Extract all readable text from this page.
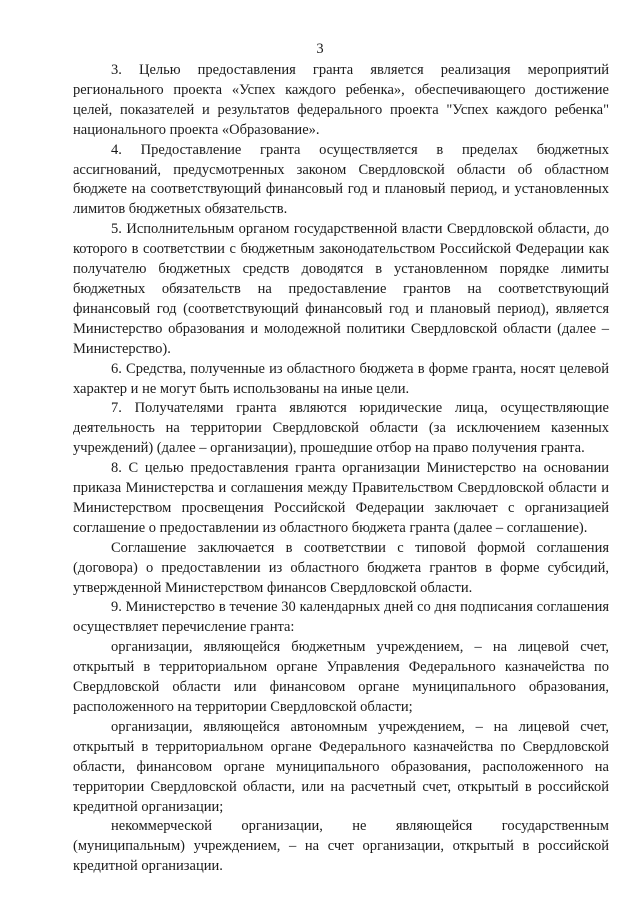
3

3. Целью предоставления гранта является реализация мероприятий регионального проекта «Успех каждого ребенка», обеспечивающего достижение целей, показателей и результатов федерального проекта "Успех каждого ребенка" национального проекта «Образование».

4. Предоставление гранта осуществляется в пределах бюджетных ассигнований, предусмотренных законом Свердловской области об областном бюджете на соответствующий финансовый год и плановый период, и установленных лимитов бюджетных обязательств.

5. Исполнительным органом государственной власти Свердловской области, до которого в соответствии с бюджетным законодательством Российской Федерации как получателю бюджетных средств доводятся в установленном порядке лимиты бюджетных обязательств на предоставление грантов на соответствующий финансовый год (соответствующий финансовый год и плановый период), является Министерство образования и молодежной политики Свердловской области (далее – Министерство).

6. Средства, полученные из областного бюджета в форме гранта, носят целевой характер и не могут быть использованы на иные цели.

7. Получателями гранта являются юридические лица, осуществляющие деятельность на территории Свердловской области (за исключением казенных учреждений) (далее – организации), прошедшие отбор на право получения гранта.

8. С целью предоставления гранта организации Министерство на основании приказа Министерства и соглашения между Правительством Свердловской области и Министерством просвещения Российской Федерации заключает с организацией соглашение о предоставлении из областного бюджета гранта (далее – соглашение).

Соглашение заключается в соответствии с типовой формой соглашения (договора) о предоставлении из областного бюджета грантов в форме субсидий, утвержденной Министерством финансов Свердловской области.

9. Министерство в течение 30 календарных дней со дня подписания соглашения осуществляет перечисление гранта:

организации, являющейся бюджетным учреждением, – на лицевой счет, открытый в территориальном органе Управления Федерального казначейства по Свердловской области или финансовом органе муниципального образования, расположенного на территории Свердловской области;

организации, являющейся автономным учреждением, – на лицевой счет, открытый в территориальном органе Федерального казначейства по Свердловской области, финансовом органе муниципального образования, расположенного на территории Свердловской области, или на расчетный счет, открытый в российской кредитной организации;

некоммерческой организации, не являющейся государственным (муниципальным) учреждением, – на счет организации, открытый в российской кредитной организации.
